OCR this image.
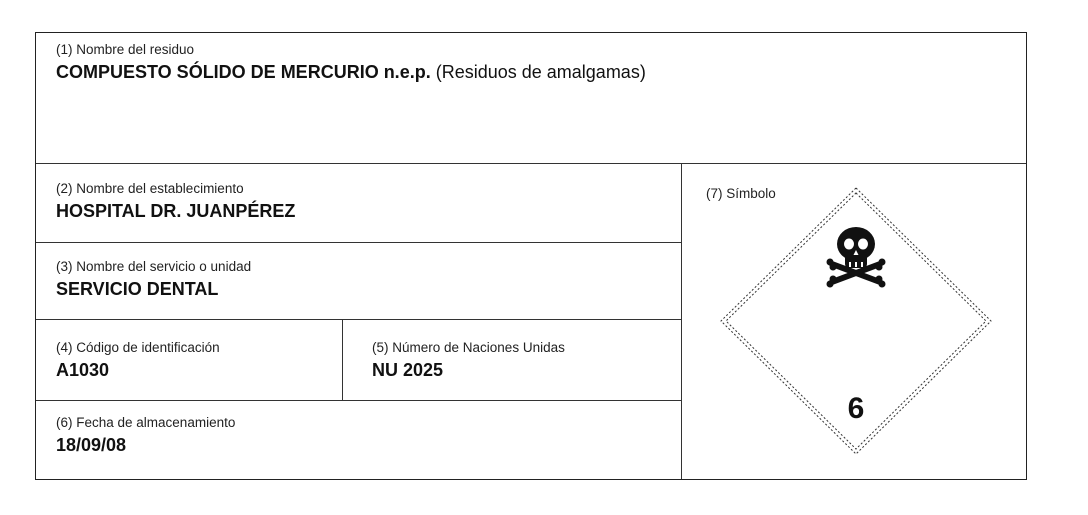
(1) Nombre del residuo
COMPUESTO SÓLIDO DE MERCURIO n.e.p. (Residuos de amalgamas)
(2) Nombre del establecimiento
HOSPITAL DR. JUANPÉREZ
(3) Nombre del servicio o unidad
SERVICIO DENTAL
(4) Código de identificación
A1030
(5) Número de Naciones Unidas
NU 2025
(6) Fecha de almacenamiento
18/09/08
(7) Símbolo
6
